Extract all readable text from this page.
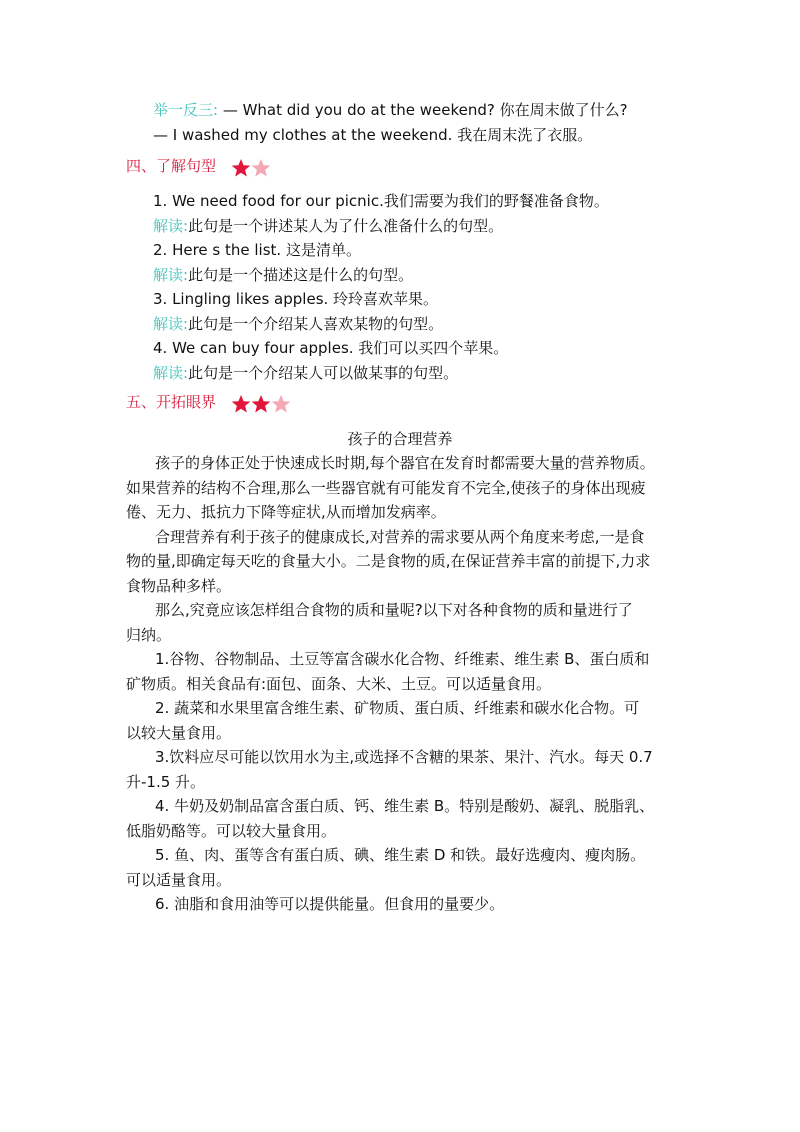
举一反三: — What did you do at the weekend? 你在周末做了什么?
— I washed my clothes at the weekend. 我在周末洗了衣服。
四、了解句型
1. We need food for our picnic.我们需要为我们的野餐准备食物。
解读:此句是一个讲述某人为了什么准备什么的句型。
2. Here s the list. 这是清单。
解读:此句是一个描述这是什么的句型。
3. Lingling likes apples. 玲玲喜欢苹果。
解读:此句是一个介绍某人喜欢某物的句型。
4. We can buy four apples. 我们可以买四个苹果。
解读:此句是一个介绍某人可以做某事的句型。
五、开拓眼界
孩子的合理营养
孩子的身体正处于快速成长时期,每个器官在发育时都需要大量的营养物质。
如果营养的结构不合理,那么一些器官就有可能发育不完全,使孩子的身体出现疲
倦、无力、抵抗力下降等症状,从而增加发病率。
合理营养有利于孩子的健康成长,对营养的需求要从两个角度来考虑,一是食
物的量,即确定每天吃的食量大小。二是食物的质,在保证营养丰富的前提下,力求
食物品种多样。
那么,究竟应该怎样组合食物的质和量呢?以下对各种食物的质和量进行了
归纳。
1.谷物、谷物制品、土豆等富含碳水化合物、纤维素、维生素 B、蛋白质和
矿物质。相关食品有:面包、面条、大米、土豆。可以适量食用。
2. 蔬菜和水果里富含维生素、矿物质、蛋白质、纤维素和碳水化合物。可
以较大量食用。
3.饮料应尽可能以饮用水为主,或选择不含糖的果茶、果汁、汽水。每天 0.7
升-1.5 升。
4. 牛奶及奶制品富含蛋白质、钙、维生素 B。特别是酸奶、凝乳、脱脂乳、
低脂奶酪等。可以较大量食用。
5. 鱼、肉、蛋等含有蛋白质、碘、维生素 D 和铁。最好选瘦肉、瘦肉肠。
可以适量食用。
6. 油脂和食用油等可以提供能量。但食用的量要少。
